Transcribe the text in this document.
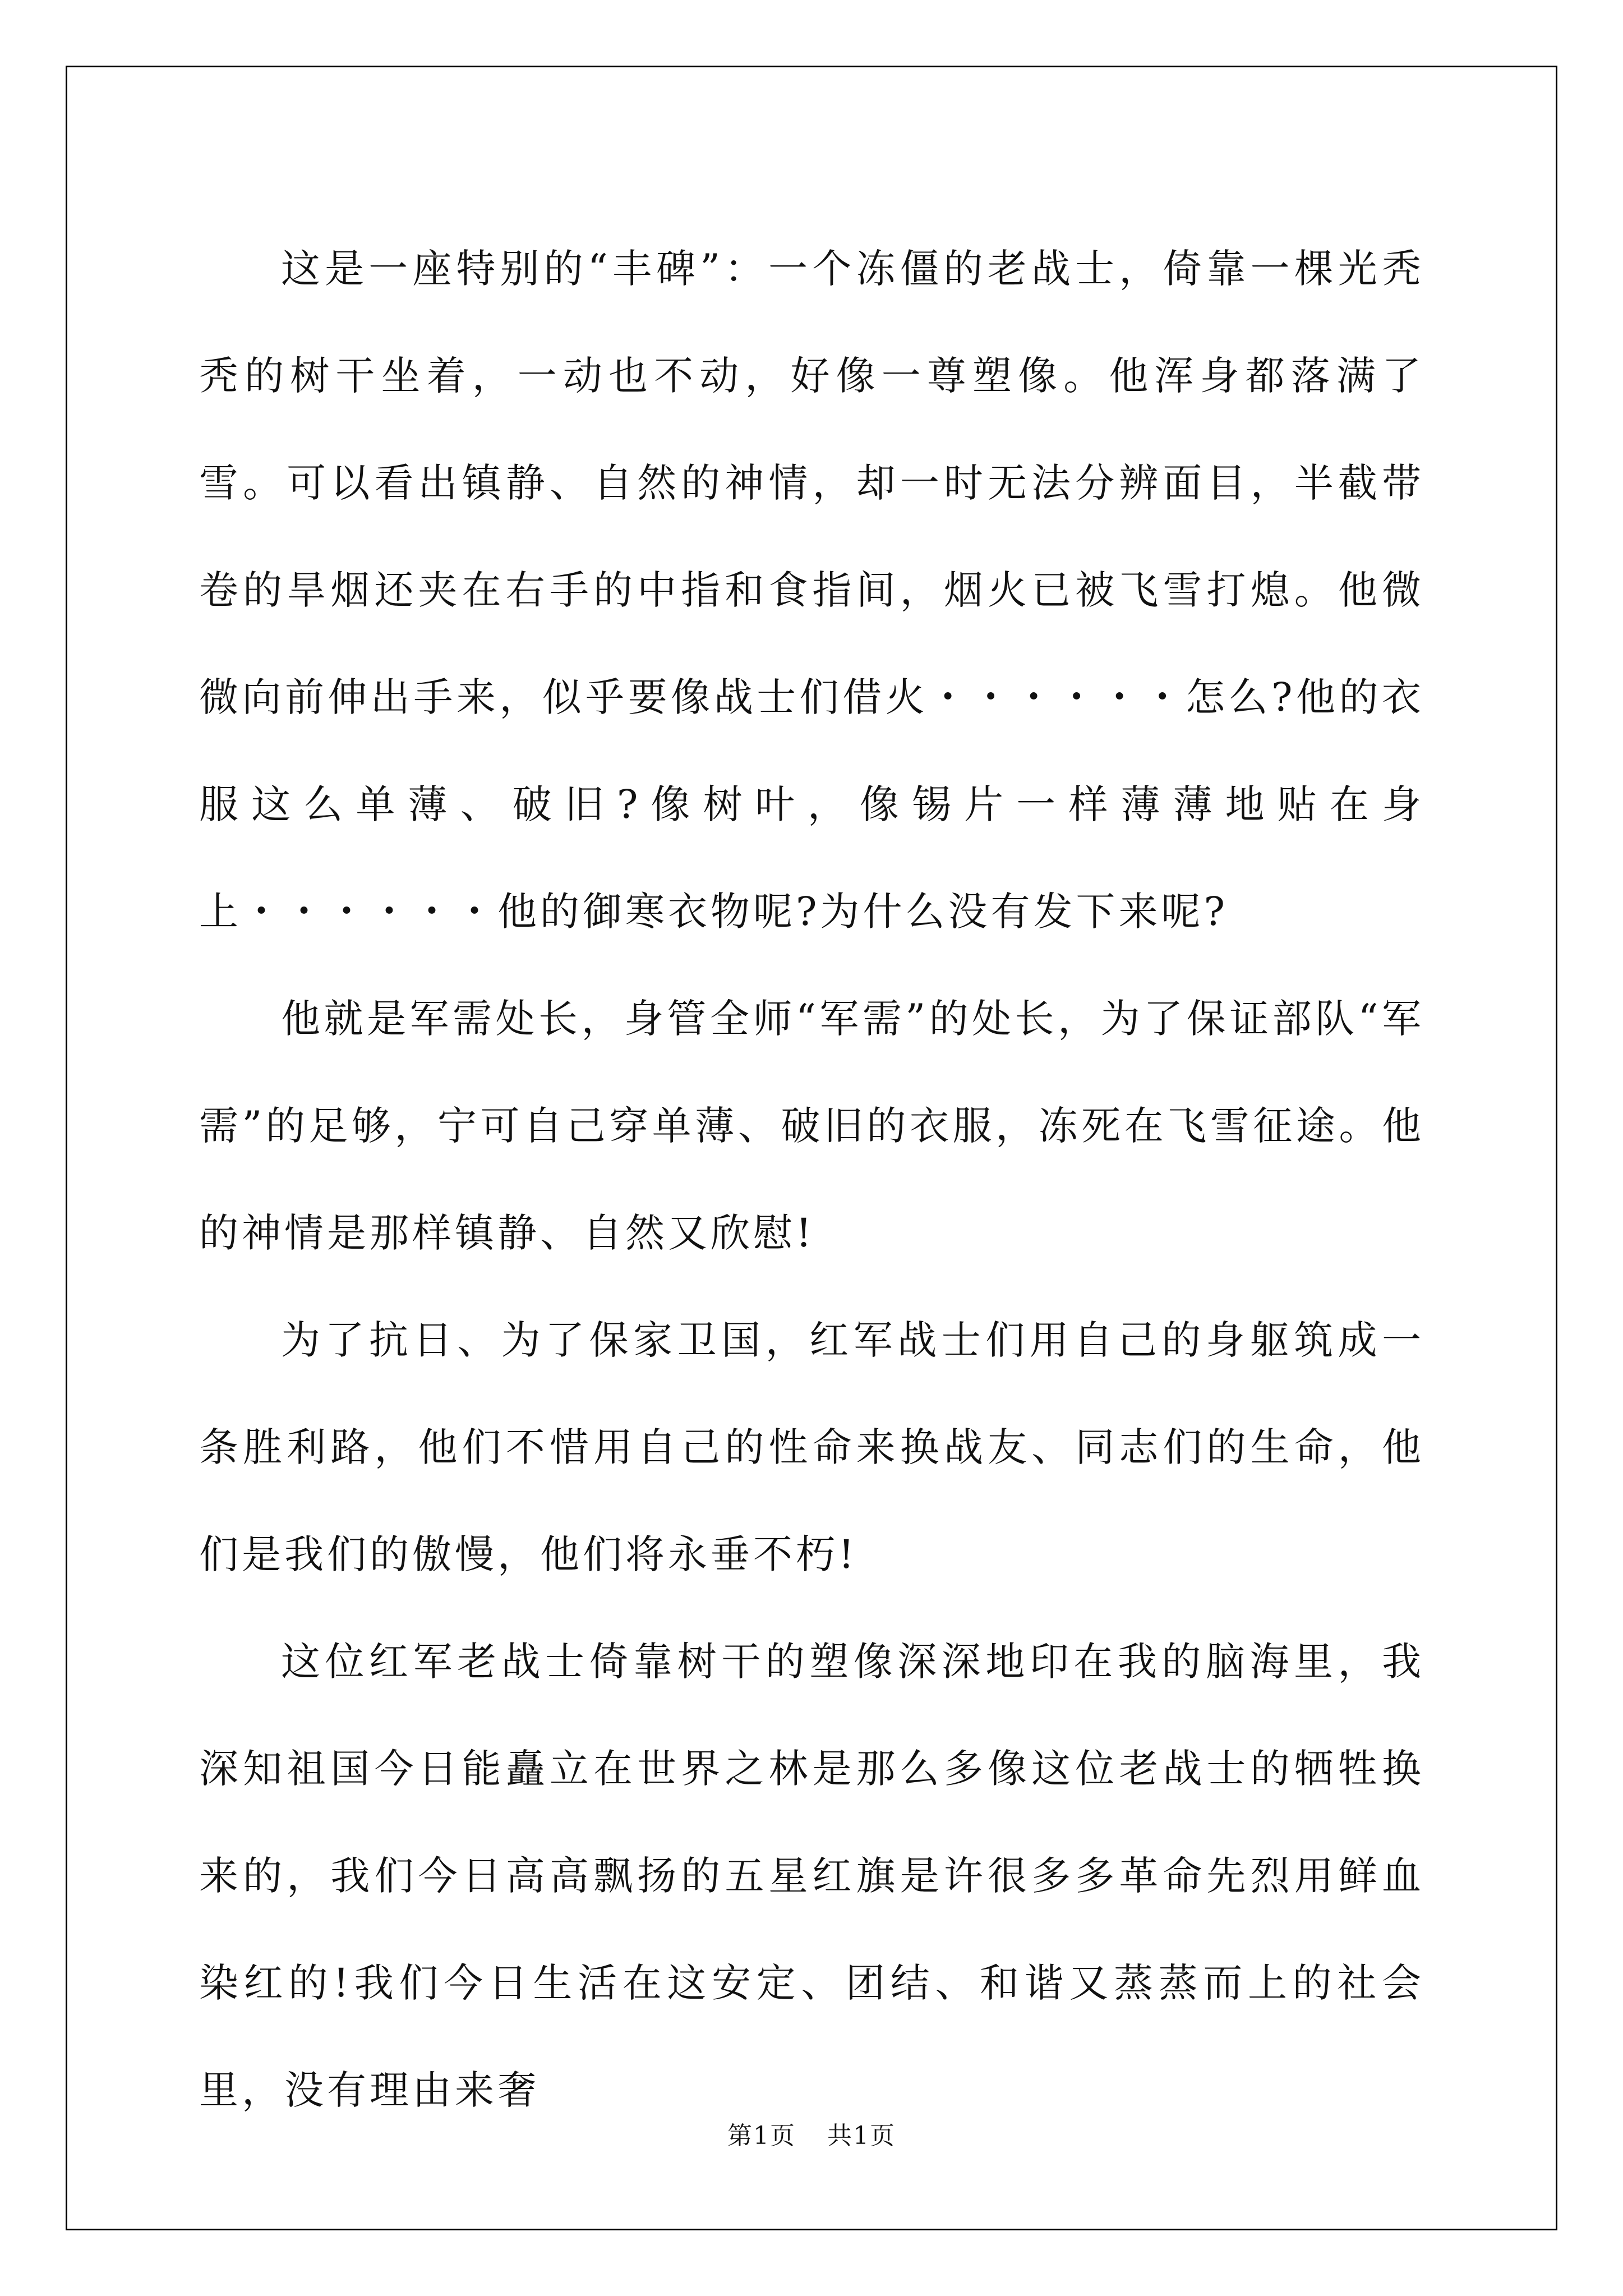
这是一座特别的“丰碑”：一个冻僵的老战士，倚靠一棵光秃秃的树干坐着，一动也不动，好像一尊塑像。他浑身都落满了雪。可以看出镇静、自然的神情，却一时无法分辨面目，半截带卷的旱烟还夹在右手的中指和食指间，烟火已被飞雪打熄。他微微向前伸出手来，似乎要像战士们借火・・・・・・怎么?他的衣服这么单薄、破旧?像树叶，像锡片一样薄薄地贴在身上・・・・・・他的御寒衣物呢?为什么没有发下来呢?

他就是军需处长，身管全师“军需”的处长，为了保证部队“军需”的足够，宁可自己穿单薄、破旧的衣服，冻死在飞雪征途。他的神情是那样镇静、自然又欣慰!

为了抗日、为了保家卫国，红军战士们用自己的身躯筑成一条胜利路，他们不惜用自己的性命来换战友、同志们的生命，他们是我们的傲慢，他们将永垂不朽!

这位红军老战士倚靠树干的塑像深深地印在我的脑海里，我深知祖国今日能矗立在世界之林是那么多像这位老战士的牺牲换来的，我们今日高高飘扬的五星红旗是许很多多革命先烈用鲜血染红的!我们今日生活在这安定、团结、和谐又蒸蒸而上的社会里，没有理由来奢

第1页 共1页
